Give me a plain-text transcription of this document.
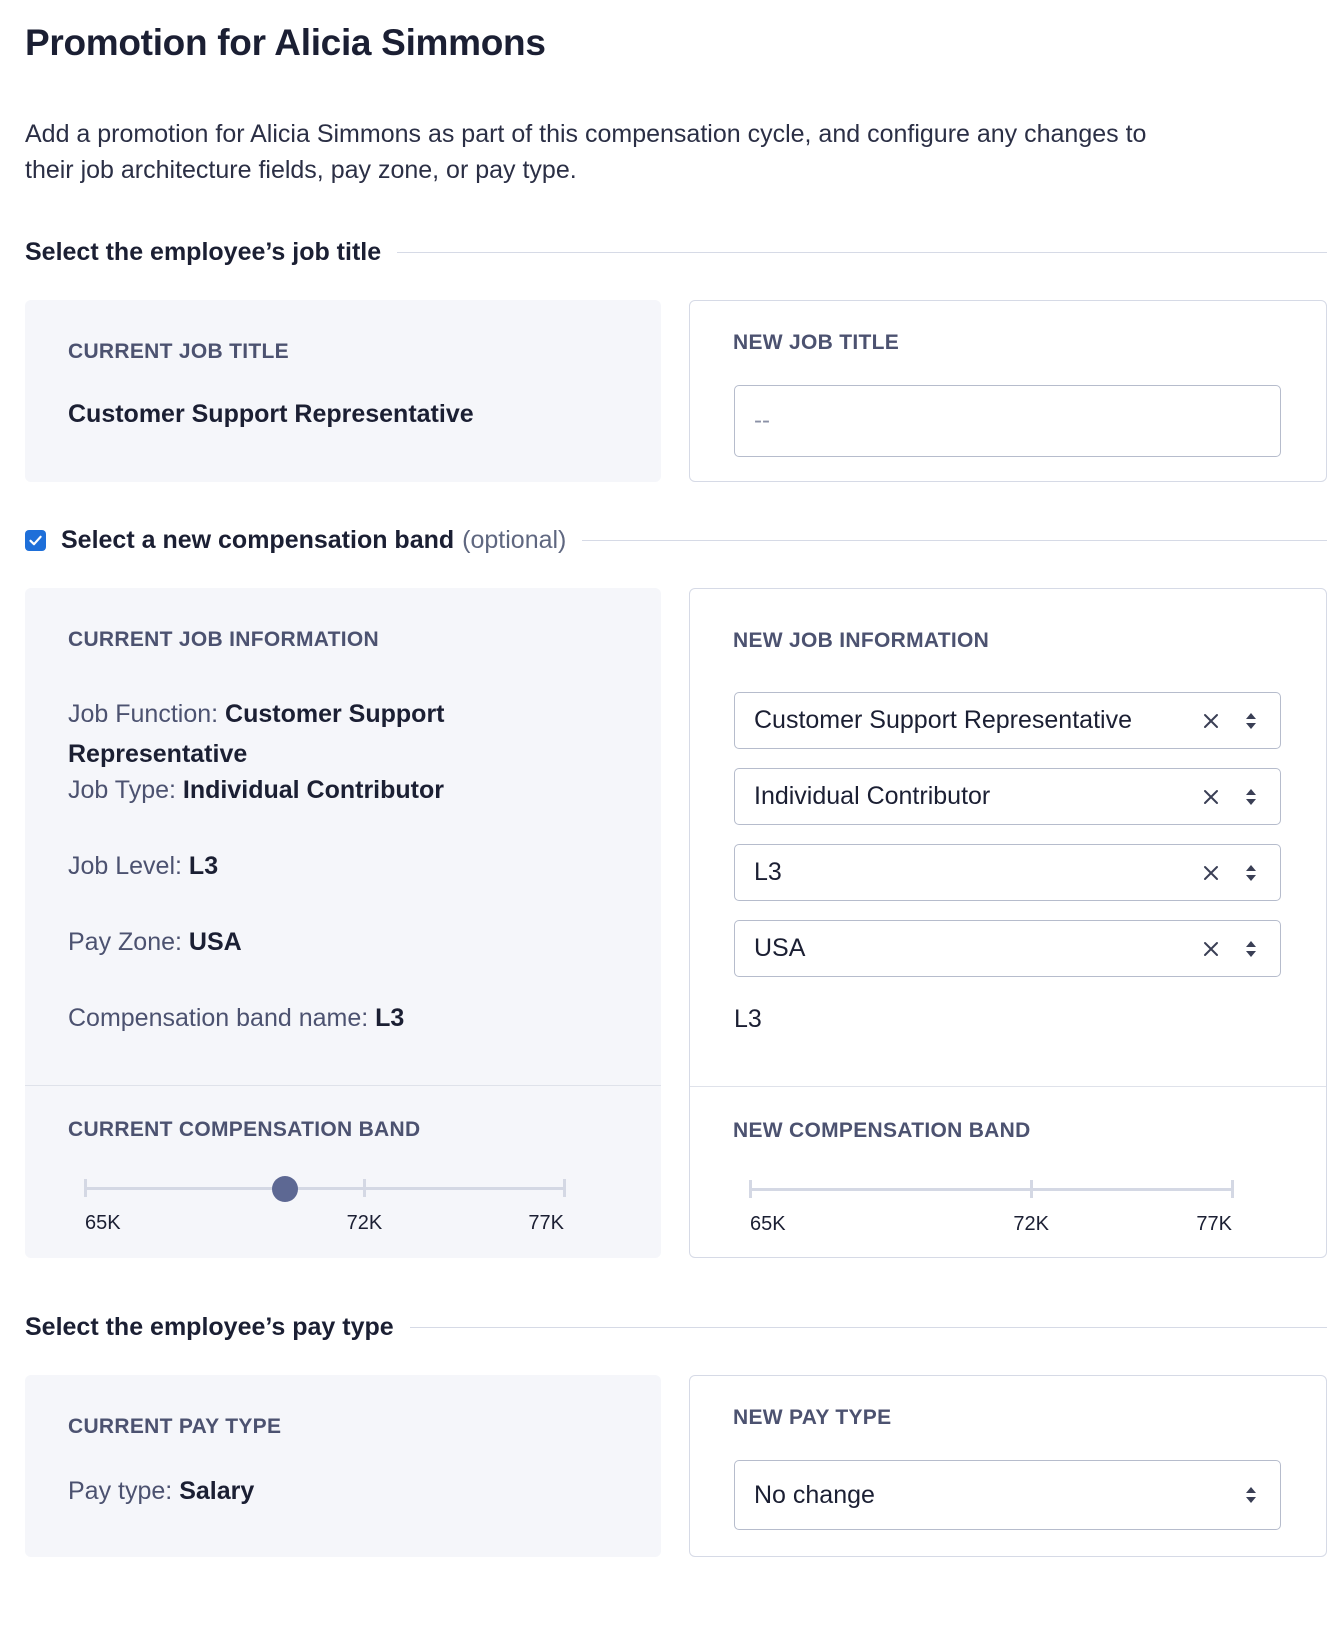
Promotion for Alicia Simmons

Add a promotion for Alicia Simmons as part of this compensation cycle, and configure any changes to their job architecture fields, pay zone, or pay type.

Select the employee’s job title
CURRENT JOB TITLE
Customer Support Representative
NEW JOB TITLE
--
Select a new compensation band (optional)
CURRENT JOB INFORMATION
Job Function: Customer Support Representative
Job Type: Individual Contributor
Job Level: L3
Pay Zone: USA
Compensation band name: L3
CURRENT COMPENSATION BAND
65K	72K	77K
NEW JOB INFORMATION
Customer Support Representative
Individual Contributor
L3
USA
L3
NEW COMPENSATION BAND
65K	72K	77K
Select the employee’s pay type
CURRENT PAY TYPE
Pay type: Salary
NEW PAY TYPE
No change
